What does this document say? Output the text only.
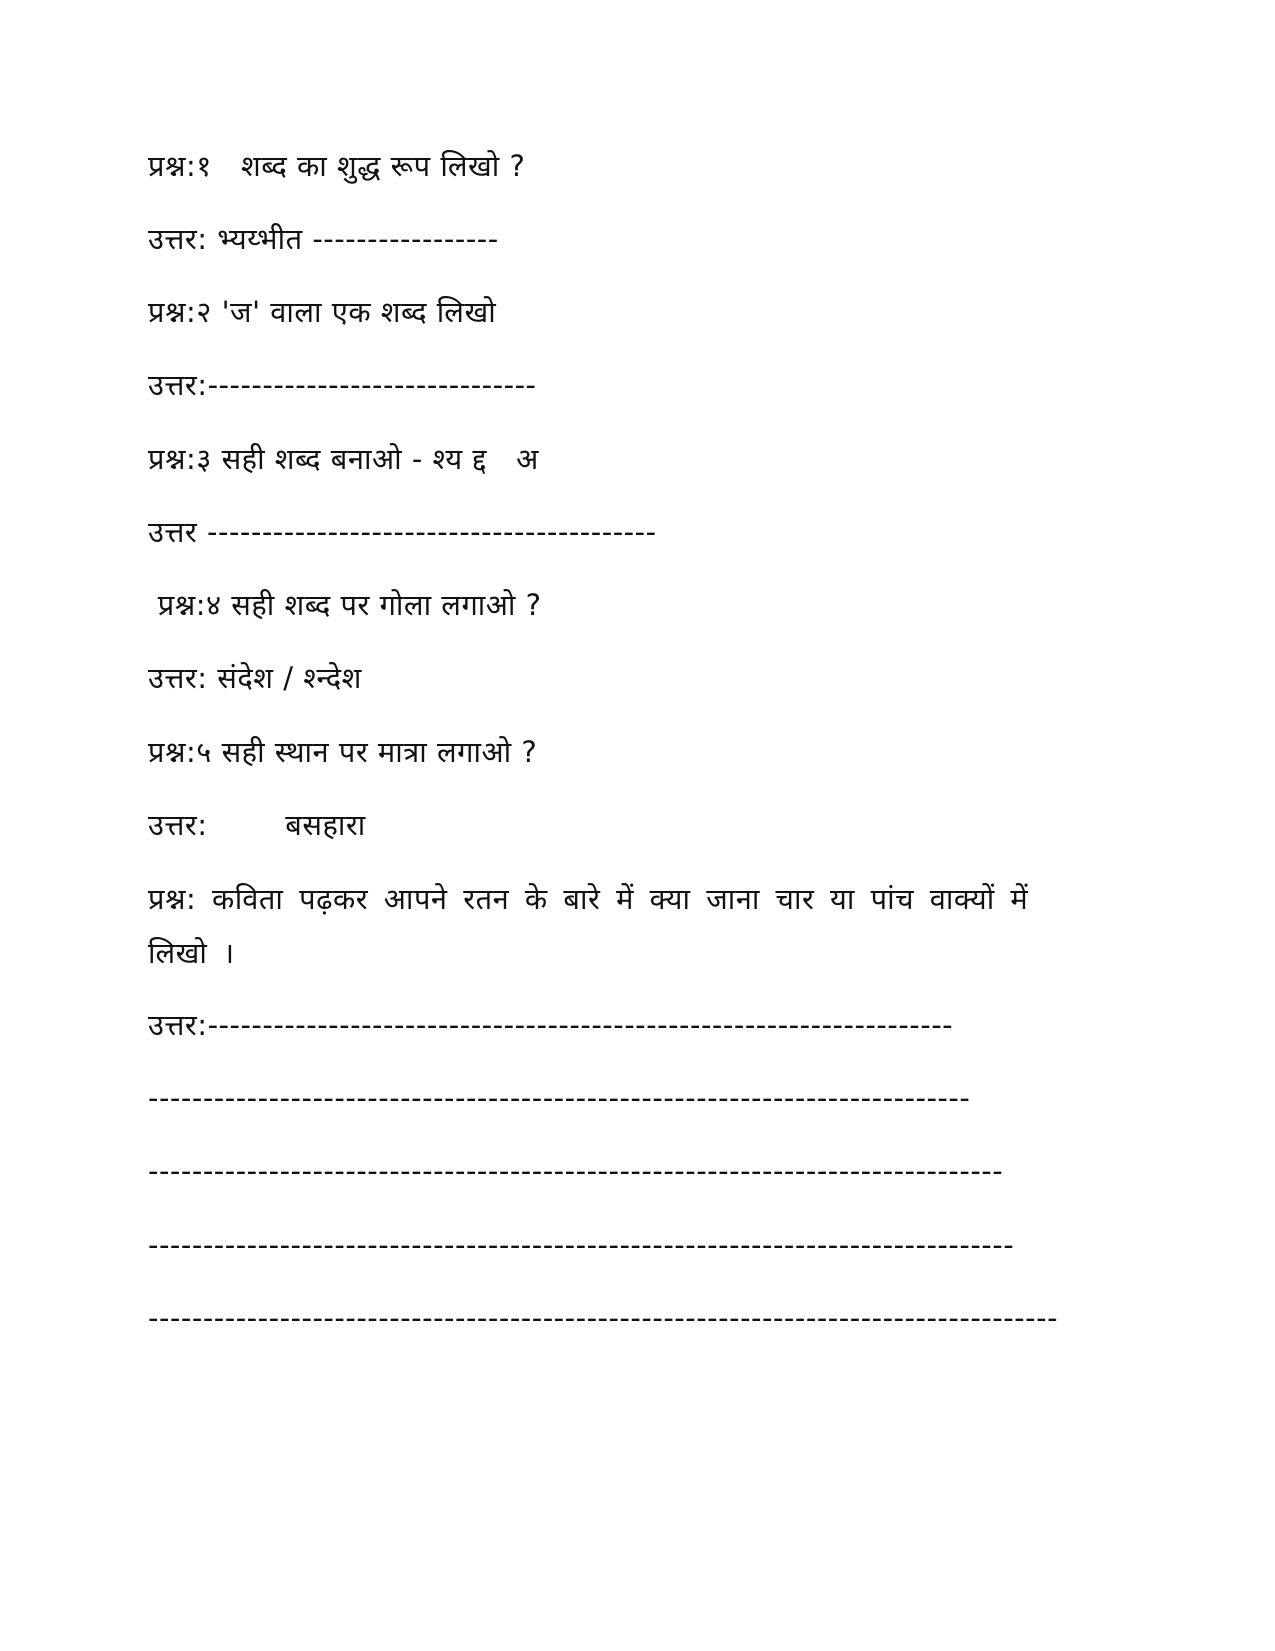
प्रश्न:१   शब्द का शुद्ध रूप लिखो ?
उत्तर: भ्यय्भीत -----------------
प्रश्न:२ 'ज' वाला एक शब्द लिखो
उत्तर:------------------------------
प्रश्न:३ सही शब्द बनाओ - श्य द्द   अ
उत्तर -----------------------------------------
प्रश्न:४ सही शब्द पर गोला लगाओ ?
उत्तर: संदेश / श्न्देश
प्रश्न:५ सही स्थान पर मात्रा लगाओ ?
उत्तर:        बसहारा
प्रश्न: कविता पढ़कर आपने रतन के बारे में क्या जाना चार या पांच वाक्यों में लिखो ।
उत्तर:--------------------------------------------------------------------
---------------------------------------------------------------------------
------------------------------------------------------------------------------
-------------------------------------------------------------------------------
-----------------------------------------------------------------------------------
